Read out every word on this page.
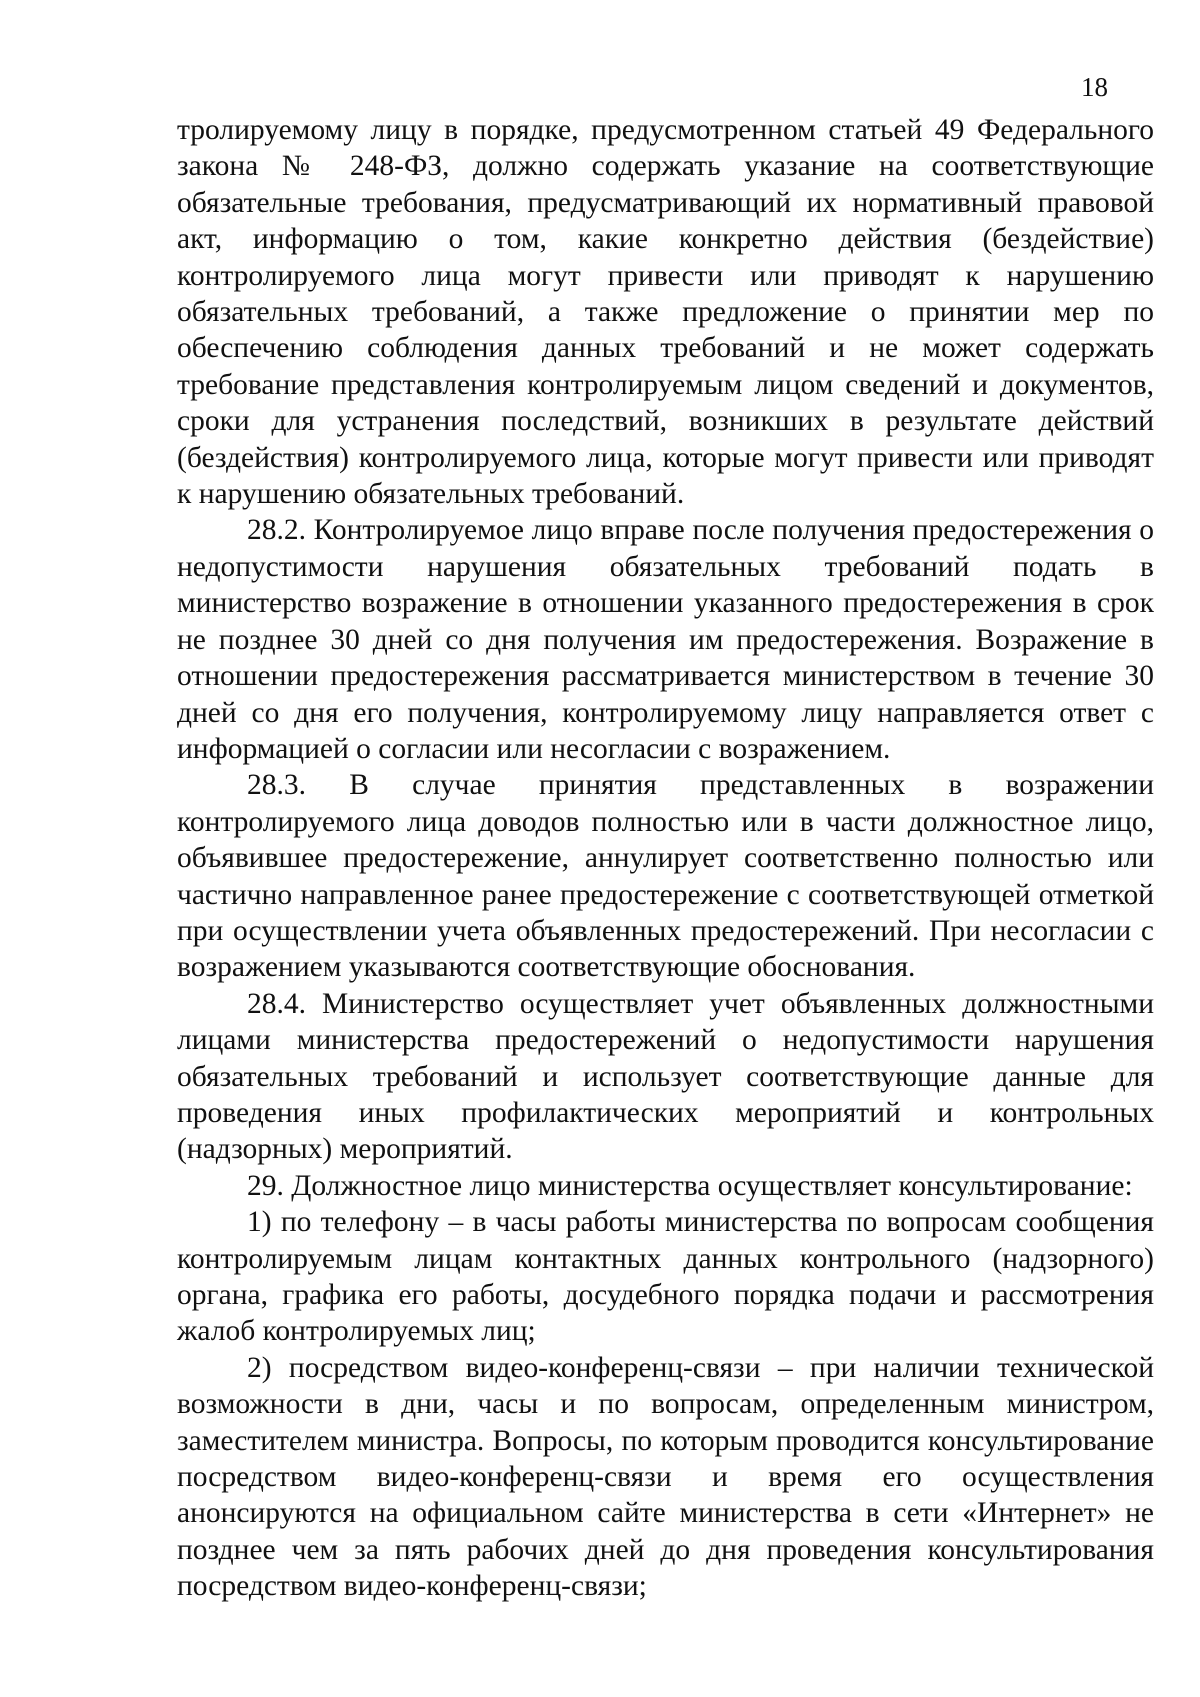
18

тролируемому лицу в порядке, предусмотренном статьей 49 Федерального закона № 248-ФЗ, должно содержать указание на соответствующие обязательные требования, предусматривающий их нормативный правовой акт, информацию о том, какие конкретно действия (бездействие) контролируемого лица могут привести или приводят к нарушению обязательных требований, а также предложение о принятии мер по обеспечению соблюдения данных требований и не может содержать требование представления контролируемым лицом сведений и документов, сроки для устранения последствий, возникших в результате действий (бездействия) контролируемого лица, которые могут привести или приводят к нарушению обязательных требований.

28.2. Контролируемое лицо вправе после получения предостережения о недопустимости нарушения обязательных требований подать в министерство возражение в отношении указанного предостережения в срок не позднее 30 дней со дня получения им предостережения. Возражение в отношении предостережения рассматривается министерством в течение 30 дней со дня его получения, контролируемому лицу направляется ответ с информацией о согласии или несогласии с возражением.

28.3. В случае принятия представленных в возражении контролируемого лица доводов полностью или в части должностное лицо, объявившее предостережение, аннулирует соответственно полностью или частично направленное ранее предостережение с соответствующей отметкой при осуществлении учета объявленных предостережений. При несогласии с возражением указываются соответствующие обоснования.

28.4. Министерство осуществляет учет объявленных должностными лицами министерства предостережений о недопустимости нарушения обязательных требований и использует соответствующие данные для проведения иных профилактических мероприятий и контрольных (надзорных) мероприятий.

29. Должностное лицо министерства осуществляет консультирование:

1) по телефону – в часы работы министерства по вопросам сообщения контролируемым лицам контактных данных контрольного (надзорного) органа, графика его работы, досудебного порядка подачи и рассмотрения жалоб контролируемых лиц;

2) посредством видео-конференц-связи – при наличии технической возможности в дни, часы и по вопросам, определенным министром, заместителем министра. Вопросы, по которым проводится консультирование посредством видео-конференц-связи и время его осуществления анонсируются на официальном сайте министерства в сети «Интернет» не позднее чем за пять рабочих дней до дня проведения консультирования посредством видео-конференц-связи;
